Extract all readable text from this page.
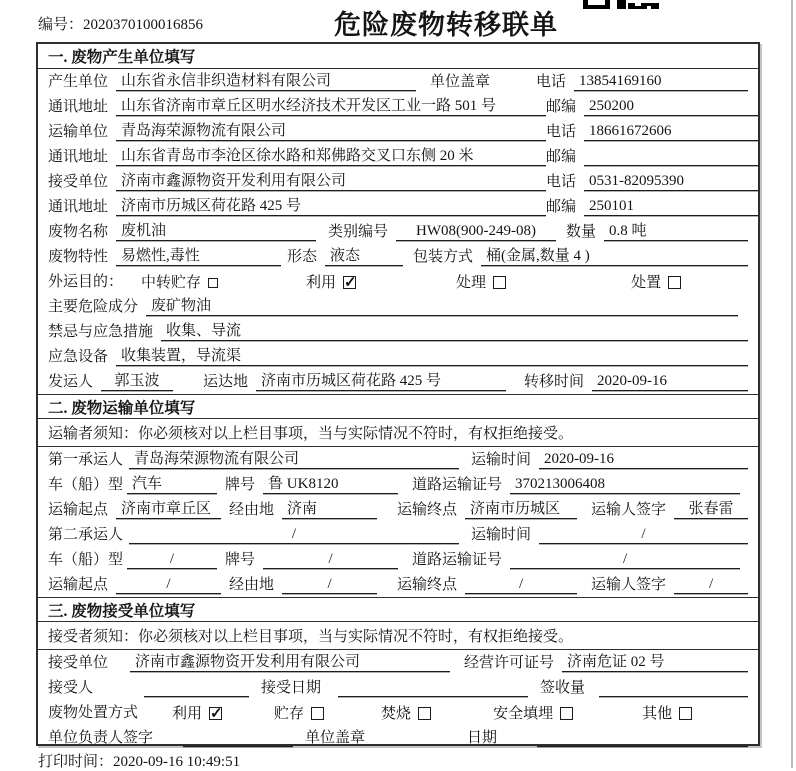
编号：2020370100016856	危险废物转移联单
一. 废物产生单位填写
产生单位 山东省永信非织造材料有限公司	单位盖章	电话 13854169160
通讯地址 山东省济南市章丘区明水经济技术开发区工业一路 501 号	邮编 250200
运输单位 青岛海荣源物流有限公司	电话 18661672606
通讯地址 山东省青岛市李沧区徐水路和郑佛路交叉口东侧 20 米	邮编
接受单位 济南市鑫源物资开发利用有限公司	电话 0531-82095390
通讯地址 济南市历城区荷花路 425 号	邮编 250101
废物名称 废机油	类别编号	HW08(900-249-08)	数量 0.8 吨
废物特性 易燃性,毒性	形态 液态	包装方式 桶(金属,数量 4 )
外运目的： 中转贮存	利用 ✓	处理	处置
主要危险成分 废矿物油
禁忌与应急措施 收集、导流
应急设备 收集装置，导流渠
发运人	郭玉波	运达地 济南市历城区荷花路 425 号	转移时间 2020-09-16
二. 废物运输单位填写
运输者须知：你必须核对以上栏目事项，当与实际情况不符时，有权拒绝接受。
第一承运人 青岛海荣源物流有限公司	运输时间 2020-09-16
车（船）型 汽车	牌号 鲁 UK8120	道路运输证号 370213006408
运输起点 济南市章丘区	经由地 济南	运输终点 济南市历城区	运输人签字	张春雷
第二承运人	/	运输时间	/
车（船）型	/	牌号	/	道路运输证号	/
运输起点	/	经由地	/	运输终点	/	运输人签字	/
三. 废物接受单位填写
接受者须知：你必须核对以上栏目事项，当与实际情况不符时，有权拒绝接受。
接受单位	济南市鑫源物资开发利用有限公司	经营许可证号 济南危证 02 号
接受人	接受日期	签收量
废物处置方式 利用 ✓	贮存	焚烧	安全填埋	其他
单位负责人签字	单位盖章	日期
打印时间：2020-09-16 10:49:51
